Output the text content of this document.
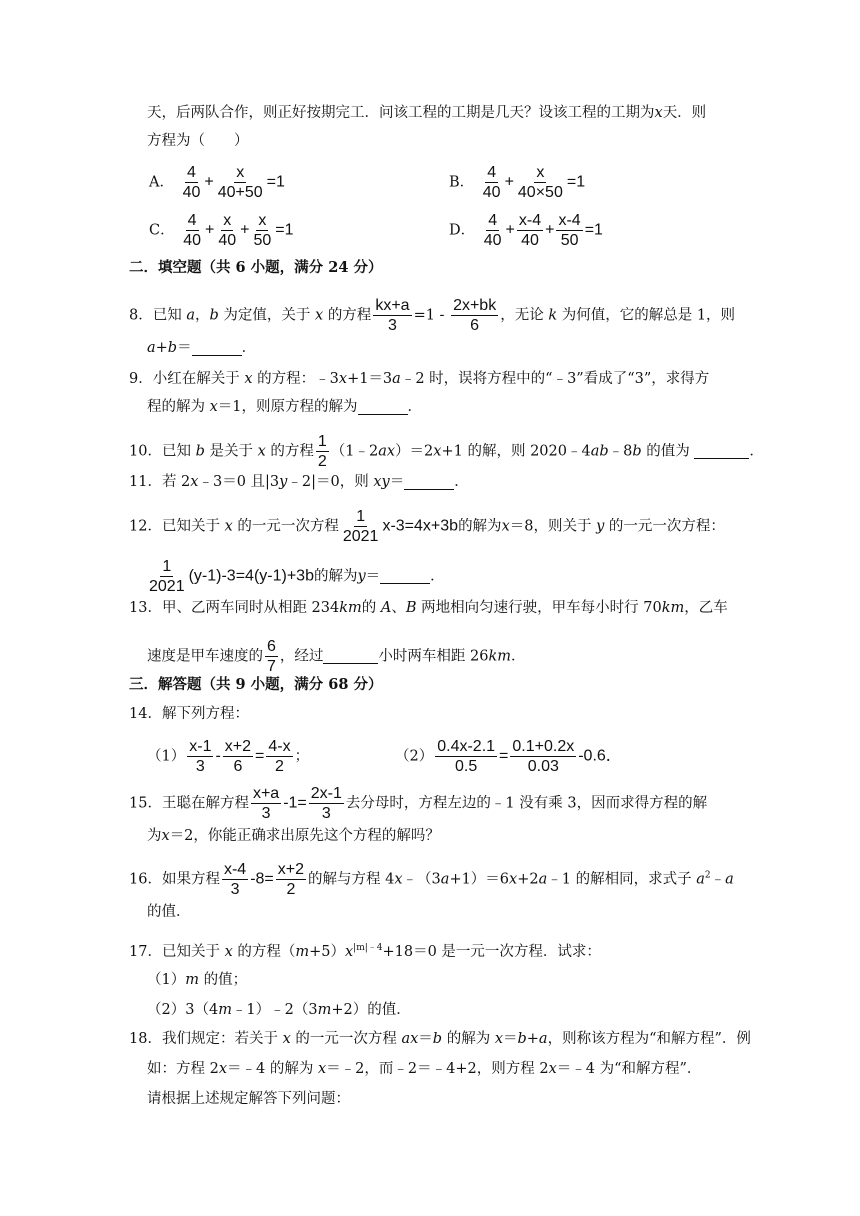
天，后两队合作，则正好按期完工．问该工程的工期是几天？设该工程的工期为x天．则
方程为（　　）
A． $\frac{4}{40} + \frac{x}{40+50} =1$	B． $\frac{4}{40} + \frac{x}{40\times 50} =1$
C． $\frac{4}{40} + \frac{x}{40} + \frac{x}{50} =1$	D． $\frac{4}{40} + \frac{x-4}{40} + \frac{x-4}{50} =1$
二．填空题（共 6 小题，满分 24 分）
8．已知 a，b 为定值，关于 x 的方程 $\frac{kx+a}{3} =1 - \frac{2x+bk}{6}$ ，无论 k 为何值，它的解总是 1，则
a+b＝	．
9．小红在解关于 x 的方程：﹣3x+1＝3a﹣2 时，误将方程中的“﹣3”看成了“3”，求得方
程的解为 x＝1，则原方程的解为	．
10．已知 b 是关于 x 的方程 $\frac{1}{2}$ （1﹣2ax）＝2x+1 的解，则 2020﹣4ab﹣8b 的值为	．
11．若 2x﹣3＝0 且|3y﹣2|＝0，则 xy＝	．
12．已知关于 x 的一元一次方程 $\frac{1}{2021} x-3=4x+3b$的解为x＝8，则关于 y 的一元一次方程：
$\frac{1}{2021} (y-1)-3=4(y-1)+3b$的解为y＝	．
13．甲、乙两车同时从相距 234km的 A、B 两地相向匀速行驶，甲车每小时行 70km，乙车
速度是甲车速度的 $\frac{6}{7}$ ，经过	小时两车相距 26km．
三．解答题（共 9 小题，满分 68 分）
14．解下列方程：
$(1) \frac{x-1}{3} - \frac{x+2}{6} = \frac{4-x}{2}$ ；	$(2) \frac{0.4x-2.1}{0.5} = \frac{0.1+0.2x}{0.03} -0.6$．
15．王聪在解方程 $\frac{x+a}{3} -1= \frac{2x-1}{3}$ 去分母时，方程左边的﹣1 没有乘 3，因而求得方程的解
为x＝2，你能正确求出原先这个方程的解吗？
16．如果方程 $\frac{x-4}{3} -8= \frac{x+2}{2}$ 的解与方程 4x﹣（3a+1）＝6x+2a﹣1 的解相同，求式子 $a^2﹣a$
的值．
17．已知关于 x 的方程$(m+5)x^{|m|﹣4}+18=0$ 是一元一次方程．试求：
（1）m 的值；
（2）3（4m﹣1）﹣2（3m+2）的值．
18．我们规定：若关于 x 的一元一次方程 ax＝b 的解为 x＝b+a，则称该方程为“和解方程”．例
如：方程 2x＝﹣4 的解为 x＝﹣2，而﹣2＝﹣4+2，则方程 2x＝﹣4 为“和解方程”．
请根据上述规定解答下列问题：
